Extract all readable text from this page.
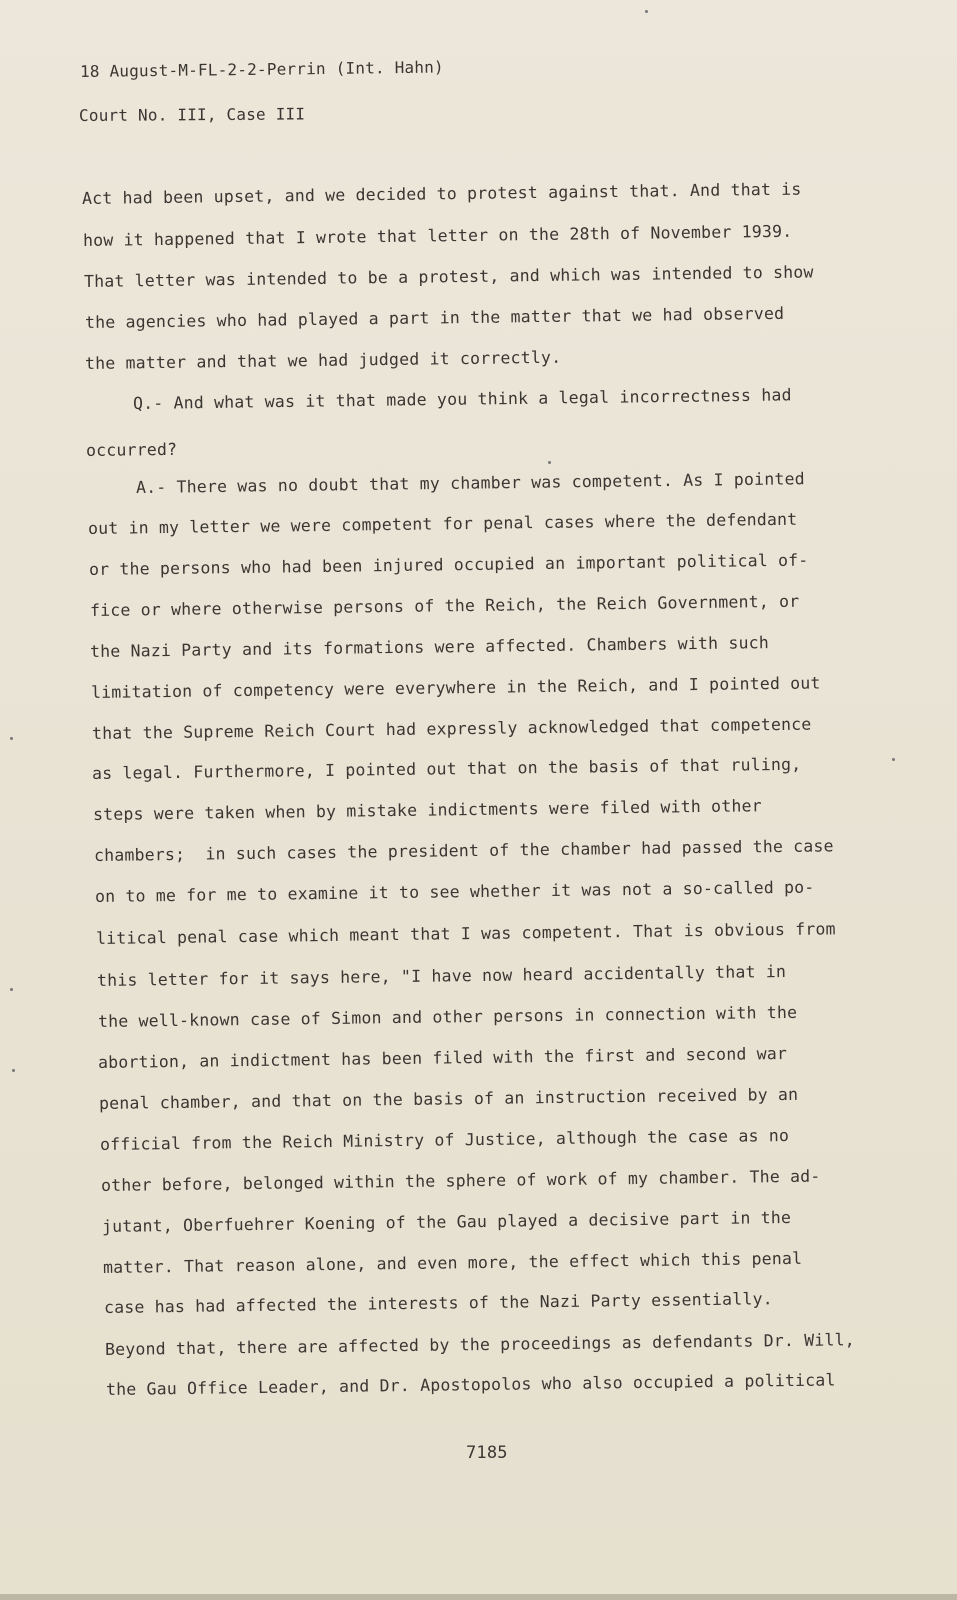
18 August-M-FL-2-2-Perrin (Int. Hahn)
Court No. III, Case III
Act had been upset, and we decided to protest against that. And that is
how it happened that I wrote that letter on the 28th of November 1939.
That letter was intended to be a protest, and which was intended to show
the agencies who had played a part in the matter that we had observed
the matter and that we had judged it correctly.
Q.- And what was it that made you think a legal incorrectness had
occurred?
A.- There was no doubt that my chamber was competent. As I pointed
out in my letter we were competent for penal cases where the defendant
or the persons who had been injured occupied an important political of-
fice or where otherwise persons of the Reich, the Reich Government, or
the Nazi Party and its formations were affected. Chambers with such
limitation of competency were everywhere in the Reich, and I pointed out
that the Supreme Reich Court had expressly acknowledged that competence
as legal. Furthermore, I pointed out that on the basis of that ruling,
steps were taken when by mistake indictments were filed with other
chambers;  in such cases the president of the chamber had passed the case
on to me for me to examine it to see whether it was not a so-called po-
litical penal case which meant that I was competent. That is obvious from
this letter for it says here, "I have now heard accidentally that in
the well-known case of Simon and other persons in connection with the
abortion, an indictment has been filed with the first and second war
penal chamber, and that on the basis of an instruction received by an
official from the Reich Ministry of Justice, although the case as no
other before, belonged within the sphere of work of my chamber. The ad-
jutant, Oberfuehrer Koening of the Gau played a decisive part in the
matter. That reason alone, and even more, the effect which this penal
case has had affected the interests of the Nazi Party essentially.
Beyond that, there are affected by the proceedings as defendants Dr. Will,
the Gau Office Leader, and Dr. Apostopolos who also occupied a political
7185
